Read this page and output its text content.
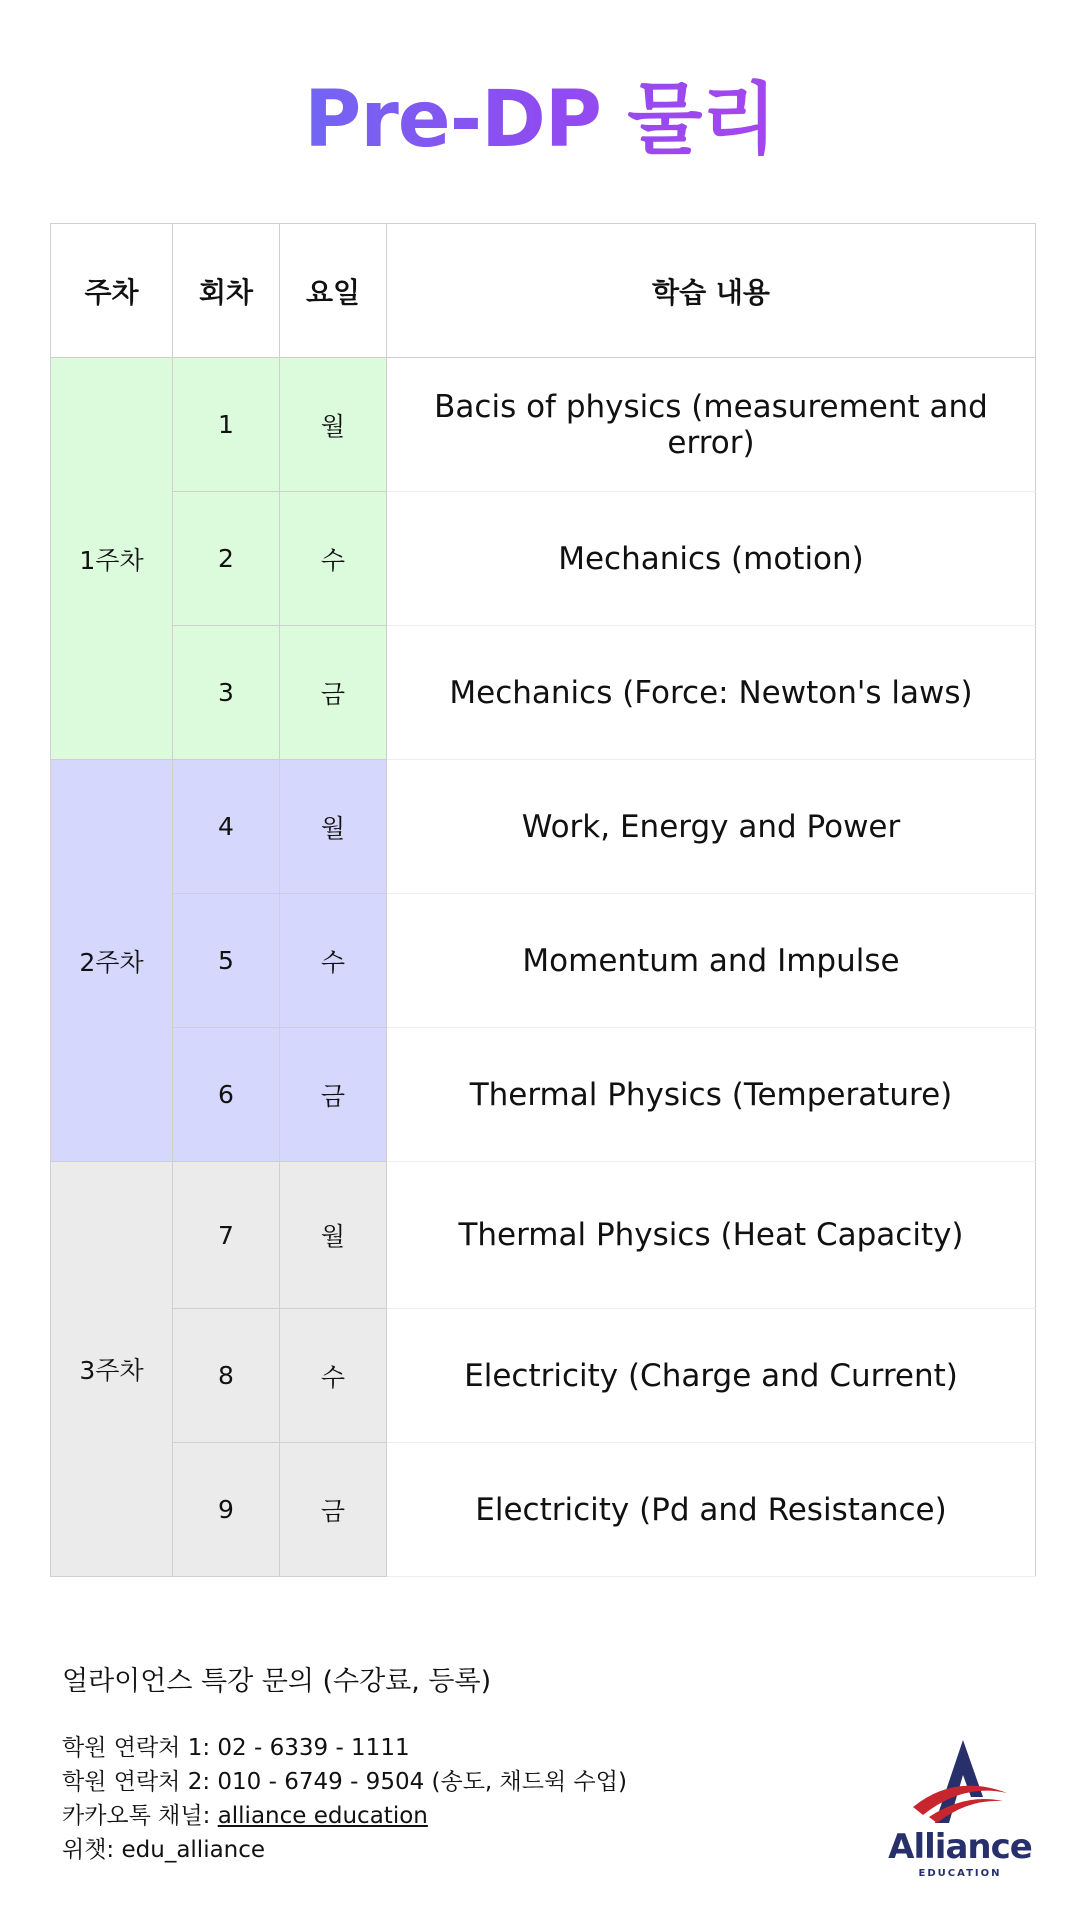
Pre-DP 물리
주차	회차	요일	학습 내용
1주차	1	월	Bacis of physics (measurement and error)
	2	수	Mechanics (motion)
	3	금	Mechanics (Force: Newton's laws)
2주차	4	월	Work, Energy and Power
	5	수	Momentum and Impulse
	6	금	Thermal Physics (Temperature)
3주차	7	월	Thermal Physics (Heat Capacity)
	8	수	Electricity (Charge and Current)
	9	금	Electricity (Pd and Resistance)
얼라이언스 특강 문의 (수강료, 등록)
학원 연락처 1: 02 - 6339 - 1111
학원 연락처 2: 010 - 6749 - 9504 (송도, 채드윅 수업)
카카오톡 채널: alliance education
위챗: edu_alliance	Alliance
EDUCATION
